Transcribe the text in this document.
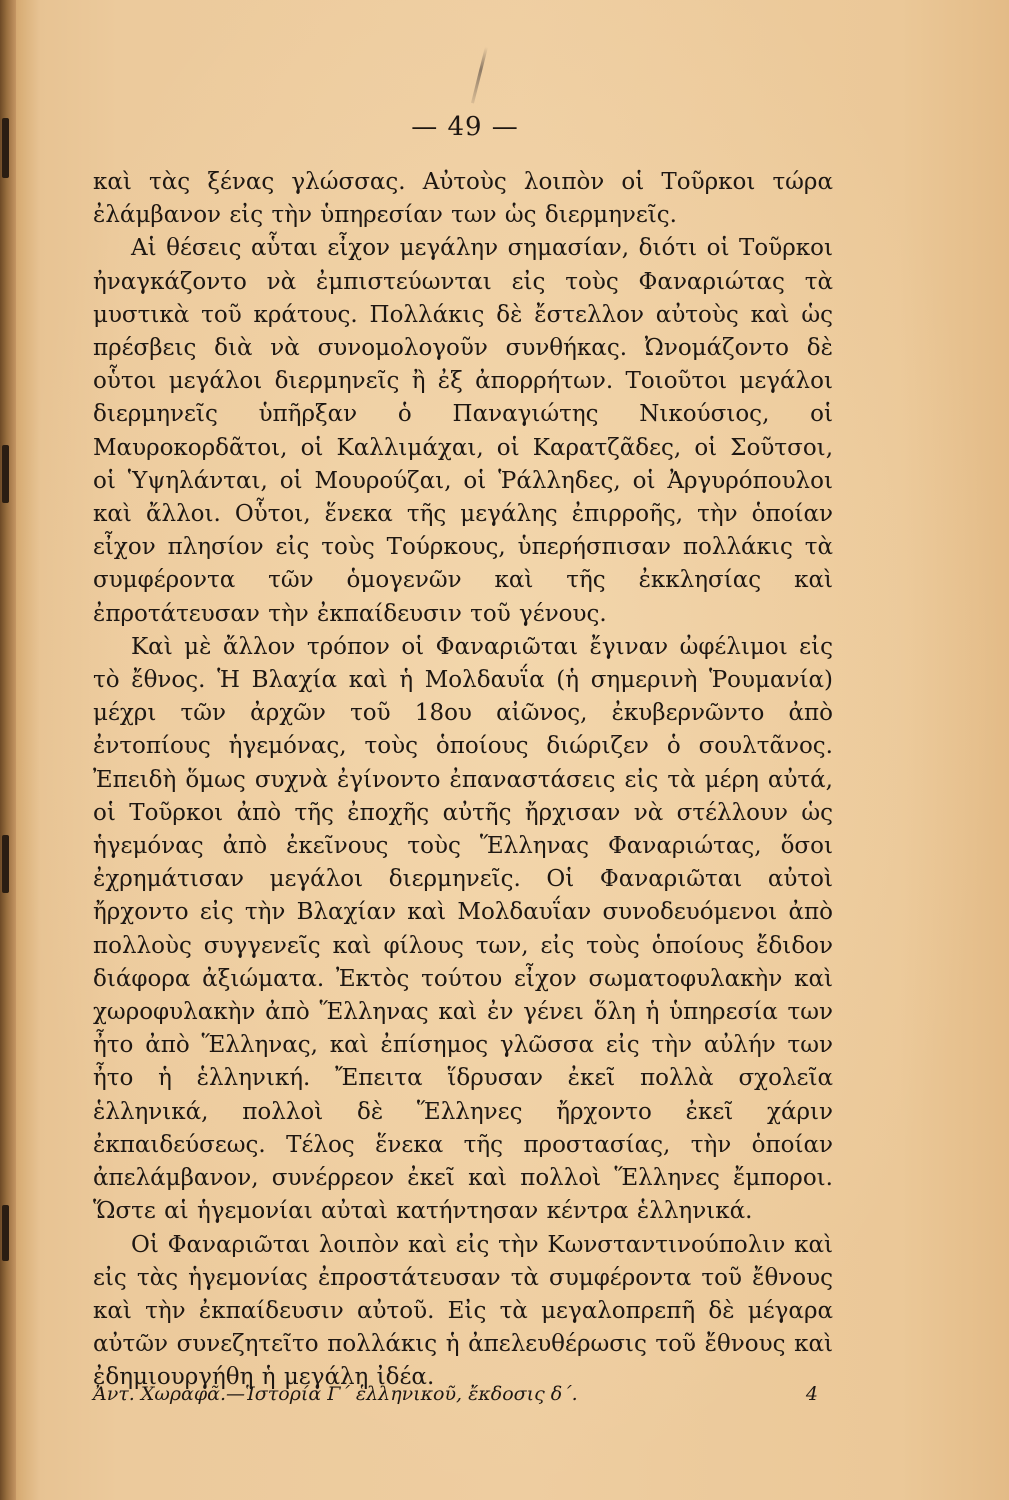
— 49 —

καὶ τὰς ξένας γλώσσας. Αὐτοὺς λοιπὸν οἱ Τοῦρκοι τώρα ἐλάμβανον εἰς τὴν ὑπηρεσίαν των ὡς διερμηνεῖς.

Αἱ θέσεις αὗται εἶχον μεγάλην σημασίαν, διότι οἱ Τοῦρκοι ἠναγκάζοντο νὰ ἐμπιστεύωνται εἰς τοὺς Φαναριώτας τὰ μυστικὰ τοῦ κράτους. Πολλάκις δὲ ἔστελλον αὐτοὺς καὶ ὡς πρέσβεις διὰ νὰ συνομολογοῦν συνθήκας. Ὠνομάζοντο δὲ οὗτοι μεγάλοι διερμηνεῖς ἢ ἐξ ἀπορρήτων. Τοιοῦτοι μεγάλοι διερμηνεῖς ὑπῆρξαν ὁ Παναγιώτης Νικούσιος, οἱ Μαυροκορδᾶτοι, οἱ Καλλιμάχαι, οἱ Καρατζᾶδες, οἱ Σοῦτσοι, οἱ Ὑψηλάνται, οἱ Μουρούζαι, οἱ Ῥάλληδες, οἱ Ἀργυρόπουλοι καὶ ἄλλοι. Οὗτοι, ἕνεκα τῆς μεγάλης ἐπιρροῆς, τὴν ὁποίαν εἶχον πλησίον εἰς τοὺς Τούρκους, ὑπερήσπισαν πολλάκις τὰ συμφέροντα τῶν ὁμογενῶν καὶ τῆς ἐκκλησίας καὶ ἐπροτάτευσαν τὴν ἐκπαίδευσιν τοῦ γένους.

Καὶ μὲ ἄλλον τρόπον οἱ Φαναριῶται ἔγιναν ὠφέλιμοι εἰς τὸ ἔθνος. Ἡ Βλαχία καὶ ἡ Μολδαυΐα (ἡ σημερινὴ Ῥουμανία) μέχρι τῶν ἀρχῶν τοῦ 18ου αἰῶνος, ἐκυβερνῶντο ἀπὸ ἐντοπίους ἡγεμόνας, τοὺς ὁποίους διώριζεν ὁ σουλτᾶνος. Ἐπειδὴ ὅμως συχνὰ ἐγίνοντο ἐπαναστάσεις εἰς τὰ μέρη αὐτά, οἱ Τοῦρκοι ἀπὸ τῆς ἐποχῆς αὐτῆς ἤρχισαν νὰ στέλλουν ὡς ἡγεμόνας ἀπὸ ἐκεῖνους τοὺς Ἕλληνας Φαναριώτας, ὅσοι ἐχρημάτισαν μεγάλοι διερμηνεῖς. Οἱ Φαναριῶται αὐτοὶ ἤρχοντο εἰς τὴν Βλαχίαν καὶ Μολδαυΐαν συνοδευόμενοι ἀπὸ πολλοὺς συγγενεῖς καὶ φίλους των, εἰς τοὺς ὁποίους ἔδιδον διάφορα ἀξιώματα. Ἐκτὸς τούτου εἶχον σωματοφυλακὴν καὶ χωροφυλακὴν ἀπὸ Ἕλληνας καὶ ἐν γένει ὅλη ἡ ὑπηρεσία των ἦτο ἀπὸ Ἕλληνας, καὶ ἐπίσημος γλῶσσα εἰς τὴν αὐλήν των ἦτο ἡ ἑλληνική. Ἔπειτα ἵδρυσαν ἐκεῖ πολλὰ σχολεῖα ἑλληνικά, πολλοὶ δὲ Ἕλληνες ἤρχοντο ἐκεῖ χάριν ἐκπαιδεύσεως. Τέλος ἕνεκα τῆς προστασίας, τὴν ὁποίαν ἀπελάμβανον, συνέρρεον ἐκεῖ καὶ πολλοὶ Ἕλληνες ἔμποροι. Ὥστε αἱ ἡγεμονίαι αὐταὶ κατήντησαν κέντρα ἑλληνικά.

Οἱ Φαναριῶται λοιπὸν καὶ εἰς τὴν Κωνσταντινούπολιν καὶ εἰς τὰς ἡγεμονίας ἐπροστάτευσαν τὰ συμφέροντα τοῦ ἔθνους καὶ τὴν ἐκπαίδευσιν αὐτοῦ. Εἰς τὰ μεγαλοπρεπῆ δὲ μέγαρα αὐτῶν συνεζητεῖτο πολλάκις ἡ ἀπελευθέρωσις τοῦ ἔθνους καὶ ἐδημιουργήθη ἡ μεγάλη ἰδέα.

Ἀντ. Χωραφᾶ.—Ἱστορία Γ΄ ἑλληνικοῦ, ἔκδοσις δ΄.	4
